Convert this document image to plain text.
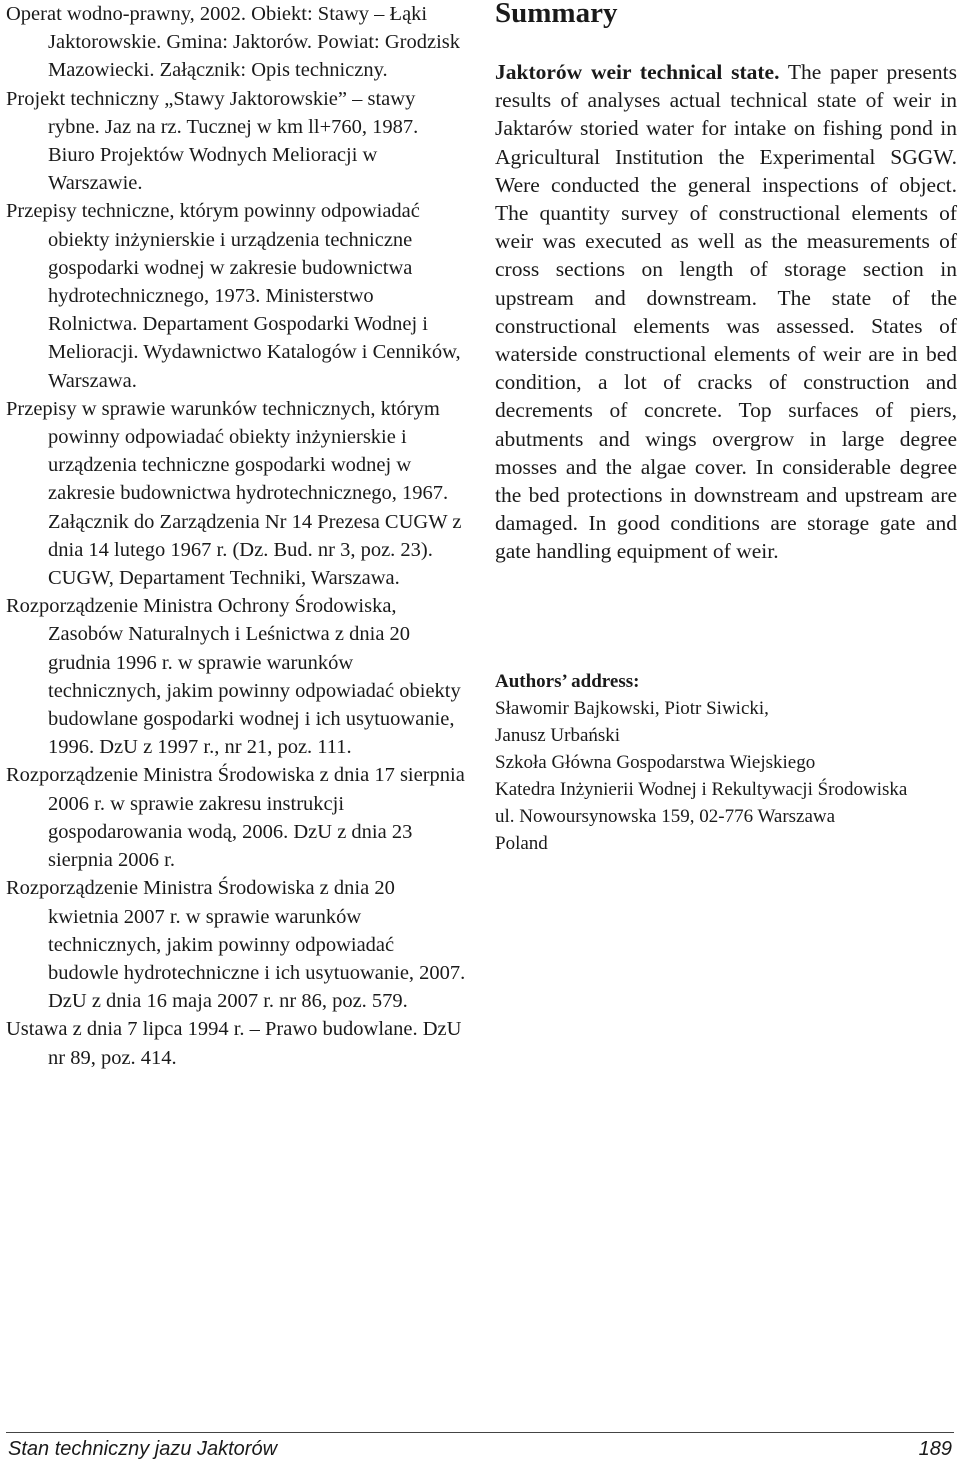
Operat wodno-prawny, 2002. Obiekt: Stawy – Łąki Jaktorowskie. Gmina: Jaktorów. Powiat: Grodzisk Mazowiecki. Załącznik: Opis techniczny.

Projekt techniczny „Stawy Jaktorowskie” – stawy rybne. Jaz na rz. Tucznej w km ll+760, 1987. Biuro Projektów Wodnych Melioracji w Warszawie.

Przepisy techniczne, którym powinny odpowiadać obiekty inżynierskie i urządzenia techniczne gospodarki wodnej w zakresie budownictwa hydrotechnicznego, 1973. Ministerstwo Rolnictwa. Departament Gospodarki Wodnej i Melioracji. Wydawnictwo Katalogów i Cenników, Warszawa.

Przepisy w sprawie warunków technicznych, którym powinny odpowiadać obiekty inżynierskie i urządzenia techniczne gospodarki wodnej w zakresie budownictwa hydrotechnicznego, 1967. Załącznik do Zarządzenia Nr 14 Prezesa CUGW z dnia 14 lutego 1967 r. (Dz. Bud. nr 3, poz. 23). CUGW, Departament Techniki, Warszawa.

Rozporządzenie Ministra Ochrony Środowiska, Zasobów Naturalnych i Leśnictwa z dnia 20 grudnia 1996 r. w sprawie warunków technicznych, jakim powinny odpowiadać obiekty budowlane gospodarki wodnej i ich usytuowanie, 1996. DzU z 1997 r., nr 21, poz. 111.

Rozporządzenie Ministra Środowiska z dnia 17 sierpnia 2006 r. w sprawie zakresu instrukcji gospodarowania wodą, 2006. DzU z dnia 23 sierpnia 2006 r.

Rozporządzenie Ministra Środowiska z dnia 20 kwietnia 2007 r. w sprawie warunków technicznych, jakim powinny odpowiadać budowle hydrotechniczne i ich usytuowanie, 2007. DzU z dnia 16 maja 2007 r. nr 86, poz. 579.

Ustawa z dnia 7 lipca 1994 r. – Prawo budowlane. DzU nr 89, poz. 414.

Summary

Jaktorów weir technical state. The paper presents results of analyses actual technical state of weir in Jaktarów storied water for intake on fishing pond in Agricultural Institution the Experimental SGGW. Were conducted the general inspections of object. The quantity survey of constructional elements of weir was executed as well as the measurements of cross sections on length of storage section in upstream and downstream. The state of the constructional elements was assessed. States of waterside constructional elements of weir are in bed condition, a lot of cracks of construction and decrements of concrete. Top surfaces of piers, abutments and wings overgrow in large degree mosses and the algae cover. In considerable degree the bed protections in downstream and upstream are damaged. In good conditions are storage gate and gate handling equipment of weir.

Authors’ address:

Sławomir Bajkowski, Piotr Siwicki,

Janusz Urbański

Szkoła Główna Gospodarstwa Wiejskiego

Katedra Inżynierii Wodnej i Rekultywacji Środowiska

ul. Nowoursynowska 159, 02-776 Warszawa

Poland

Stan techniczny jazu Jaktorów	189
